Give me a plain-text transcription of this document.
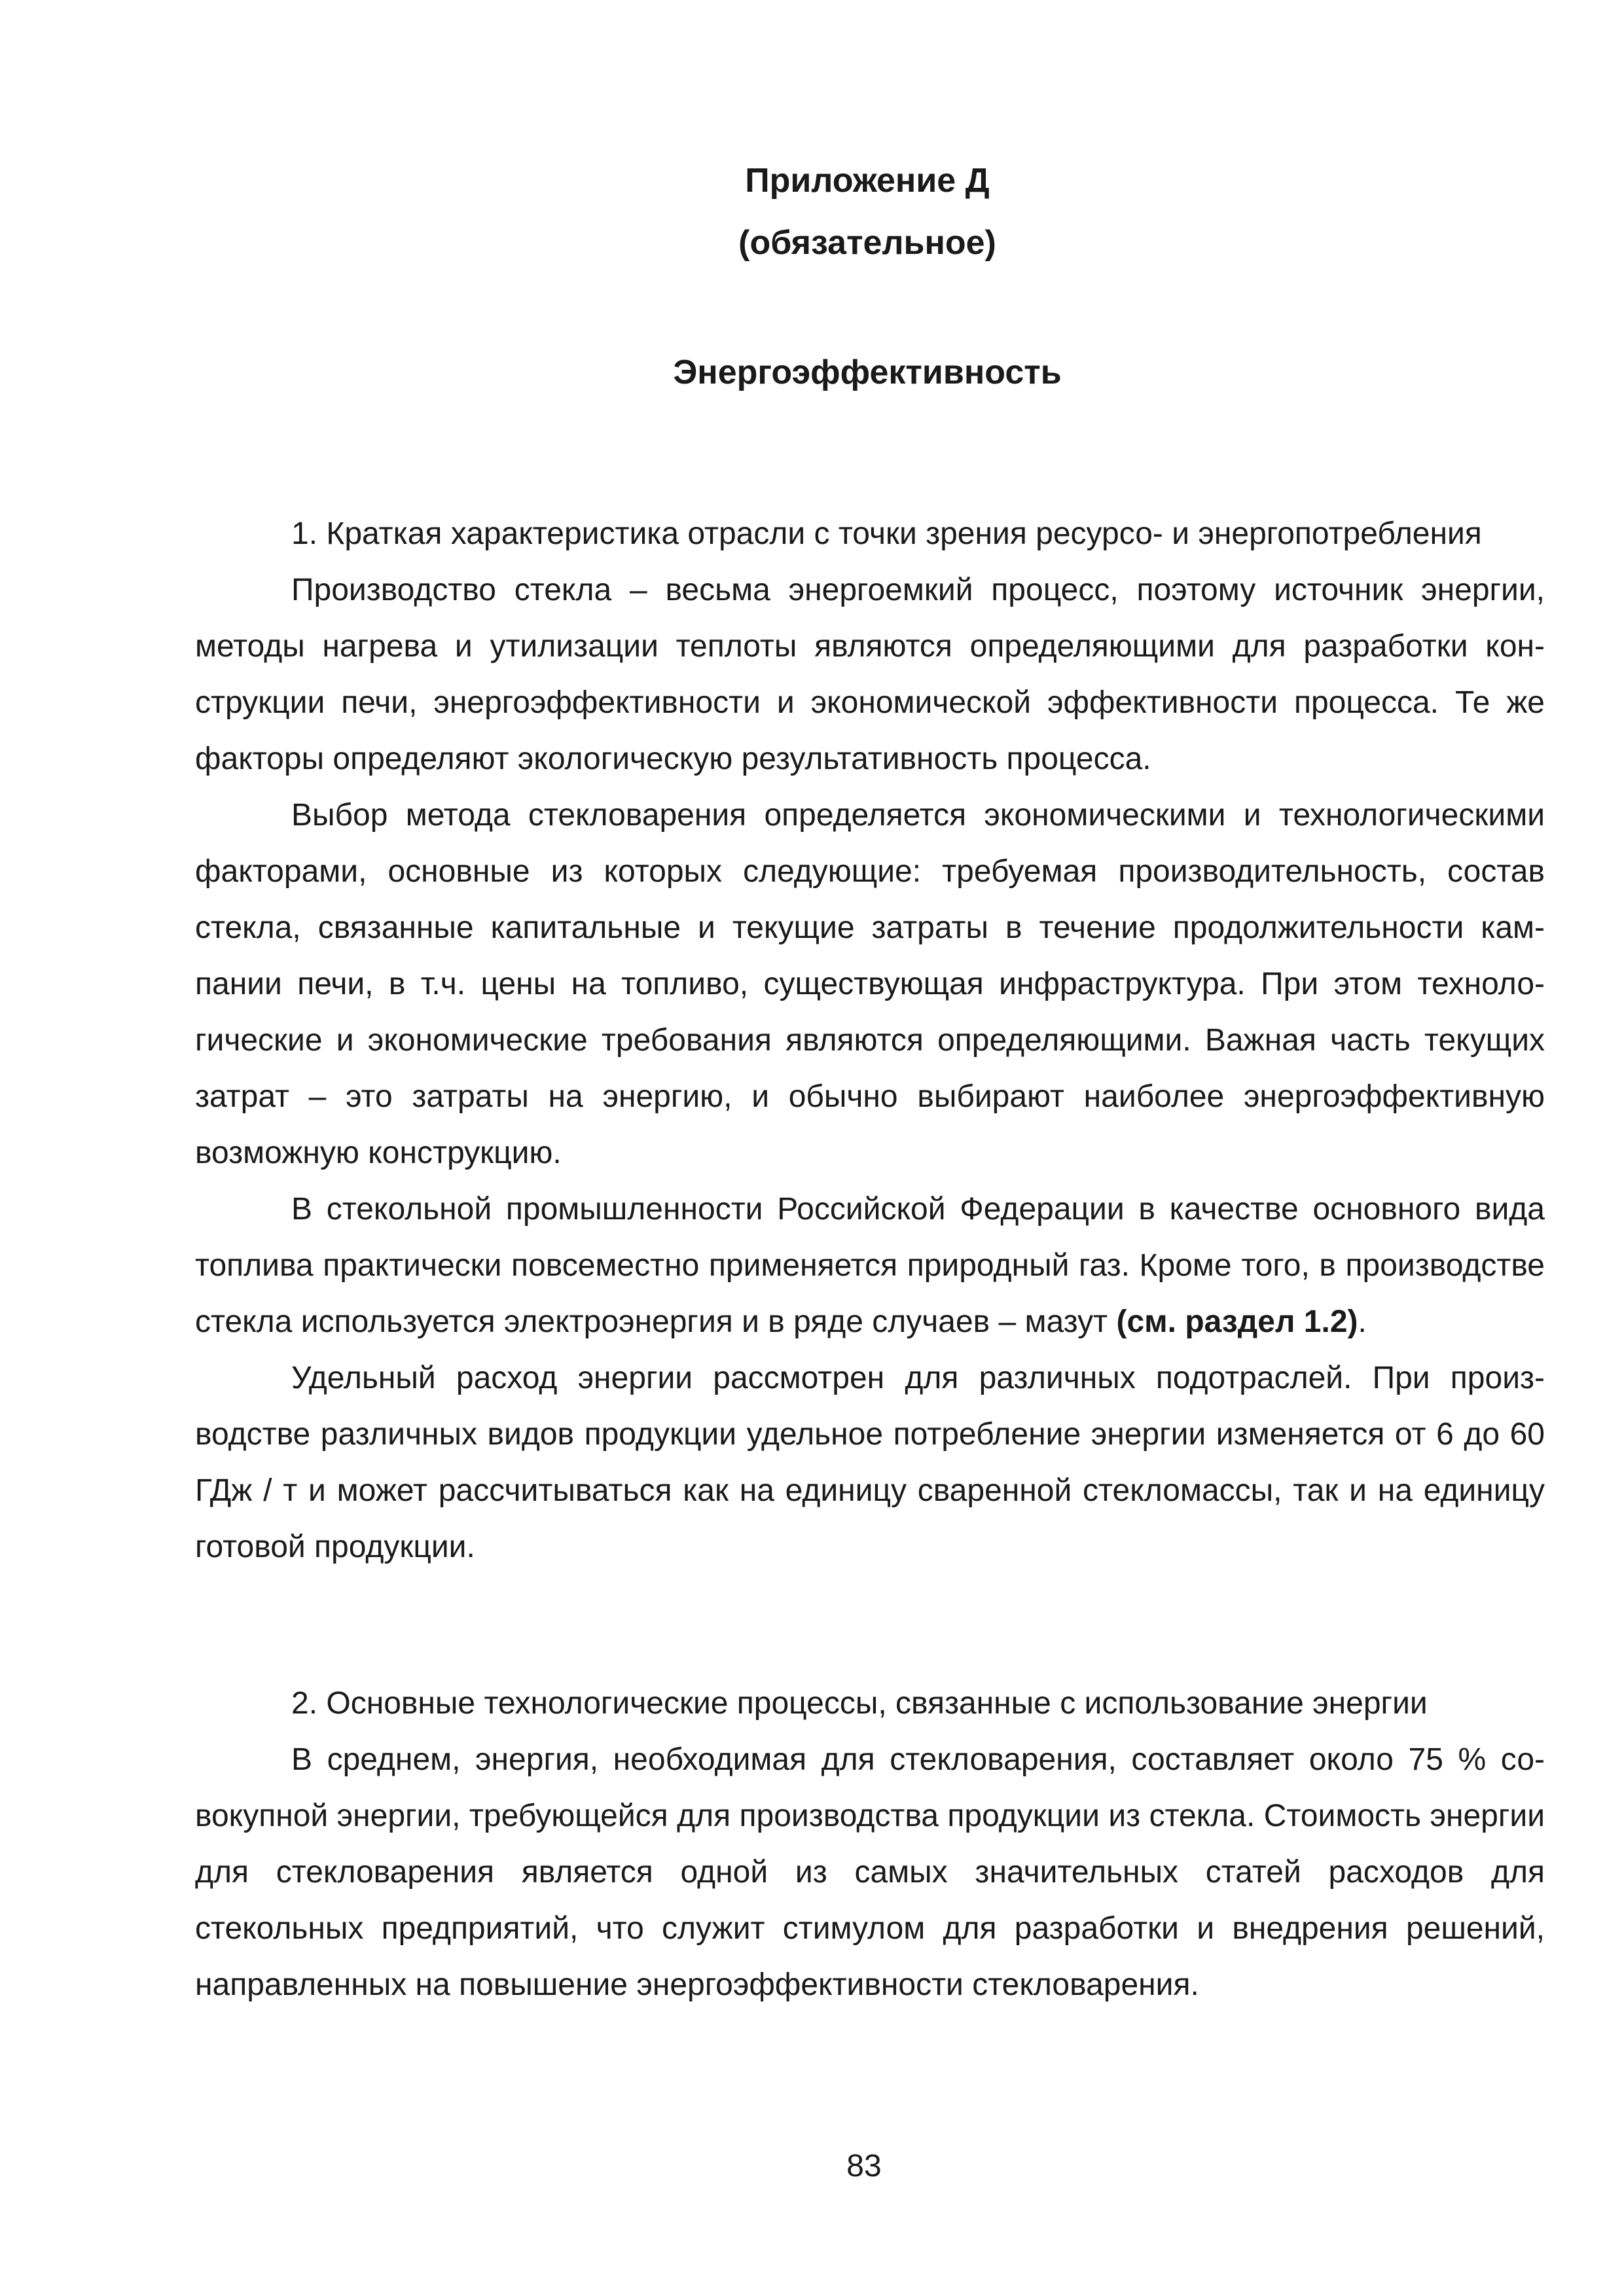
Приложение Д
(обязательное)
Энергоэффективность

1. Краткая характеристика отрасли с точки зрения ресурсо- и энергопотребления

Производство стекла – весьма энергоемкий процесс, поэтому источник энергии, методы нагрева и утилизации теплоты являются определяющими для разработки конструкции печи, энергоэффективности и экономической эффективности процесса. Те же факторы определяют экологическую результативность процесса.

Выбор метода стекловарения определяется экономическими и технологическими факторами, основные из которых следующие: требуемая производительность, состав стекла, связанные капитальные и текущие затраты в течение продолжительности кампании печи, в т.ч. цены на топливо, существующая инфраструктура. При этом технологические и экономические требования являются определяющими. Важная часть текущих затрат – это затраты на энергию, и обычно выбирают наиболее энергоэффективную возможную конструкцию.

В стекольной промышленности Российской Федерации в качестве основного вида топлива практически повсеместно применяется природный газ. Кроме того, в производстве стекла используется электроэнергия и в ряде случаев – мазут (см. раздел 1.2).

Удельный расход энергии рассмотрен для различных подотраслей. При производстве различных видов продукции удельное потребление энергии изменяется от 6 до 60 ГДж / т и может рассчитываться как на единицу сваренной стекломассы, так и на единицу готовой продукции.

2. Основные технологические процессы, связанные с использование энергии

В среднем, энергия, необходимая для стекловарения, составляет около 75 % совокупной энергии, требующейся для производства продукции из стекла. Стоимость энергии для стекловарения является одной из самых значительных статей расходов для стекольных предприятий, что служит стимулом для разработки и внедрения решений, направленных на повышение энергоэффективности стекловарения.

83
